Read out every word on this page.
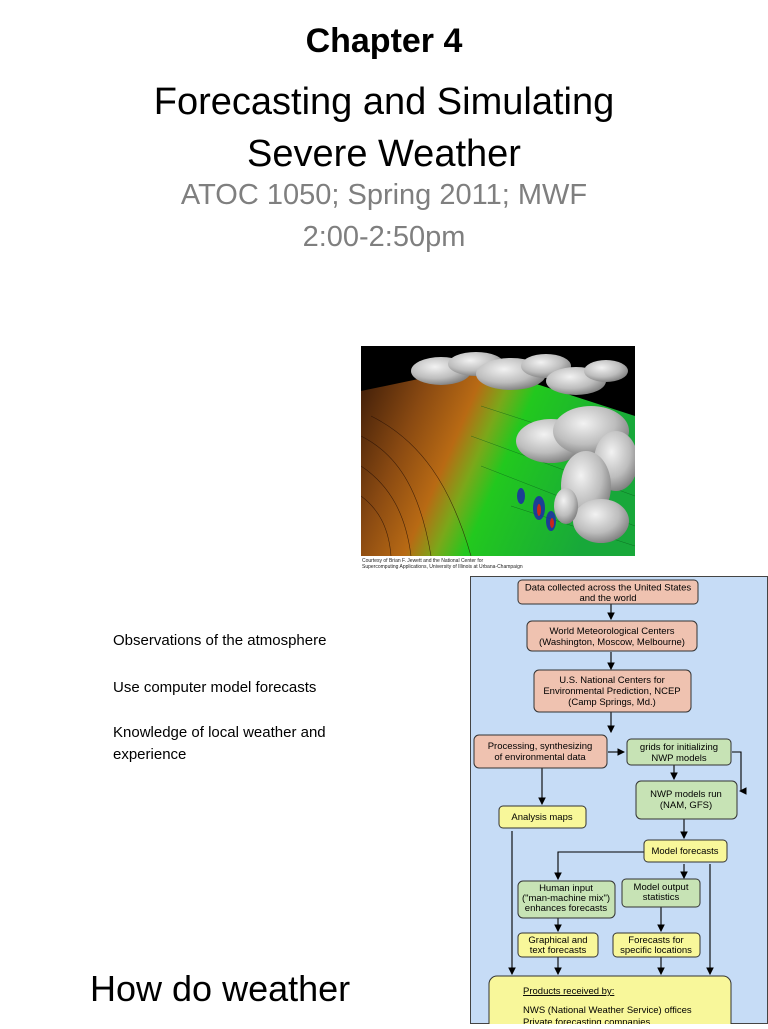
Chapter 4
Forecasting and Simulating
Severe Weather
ATOC 1050; Spring 2011; MWF
2:00-2:50pm
Courtesy of Brian F. Jewett and the National Center for
Supercomputing Applications, University of Illinois at Urbana-Champaign
Observations of the atmosphere
Use computer model forecasts
Knowledge of local weather and experience
How do weather
Data collected across the United States
and the world
World Meteorological Centers
(Washington, Moscow, Melbourne)
U.S. National Centers for
Environmental Prediction, NCEP
(Camp Springs, Md.)
Processing, synthesizing
of environmental data
grids for initializing
NWP models
NWP models run
(NAM, GFS)
Analysis maps
Model forecasts
Human input
("man-machine mix")
enhances forecasts
Model output
statistics
Graphical and
text forecasts
Forecasts for
specific locations
Products received by:
NWS (National Weather Service) offices
Private forecasting companies
